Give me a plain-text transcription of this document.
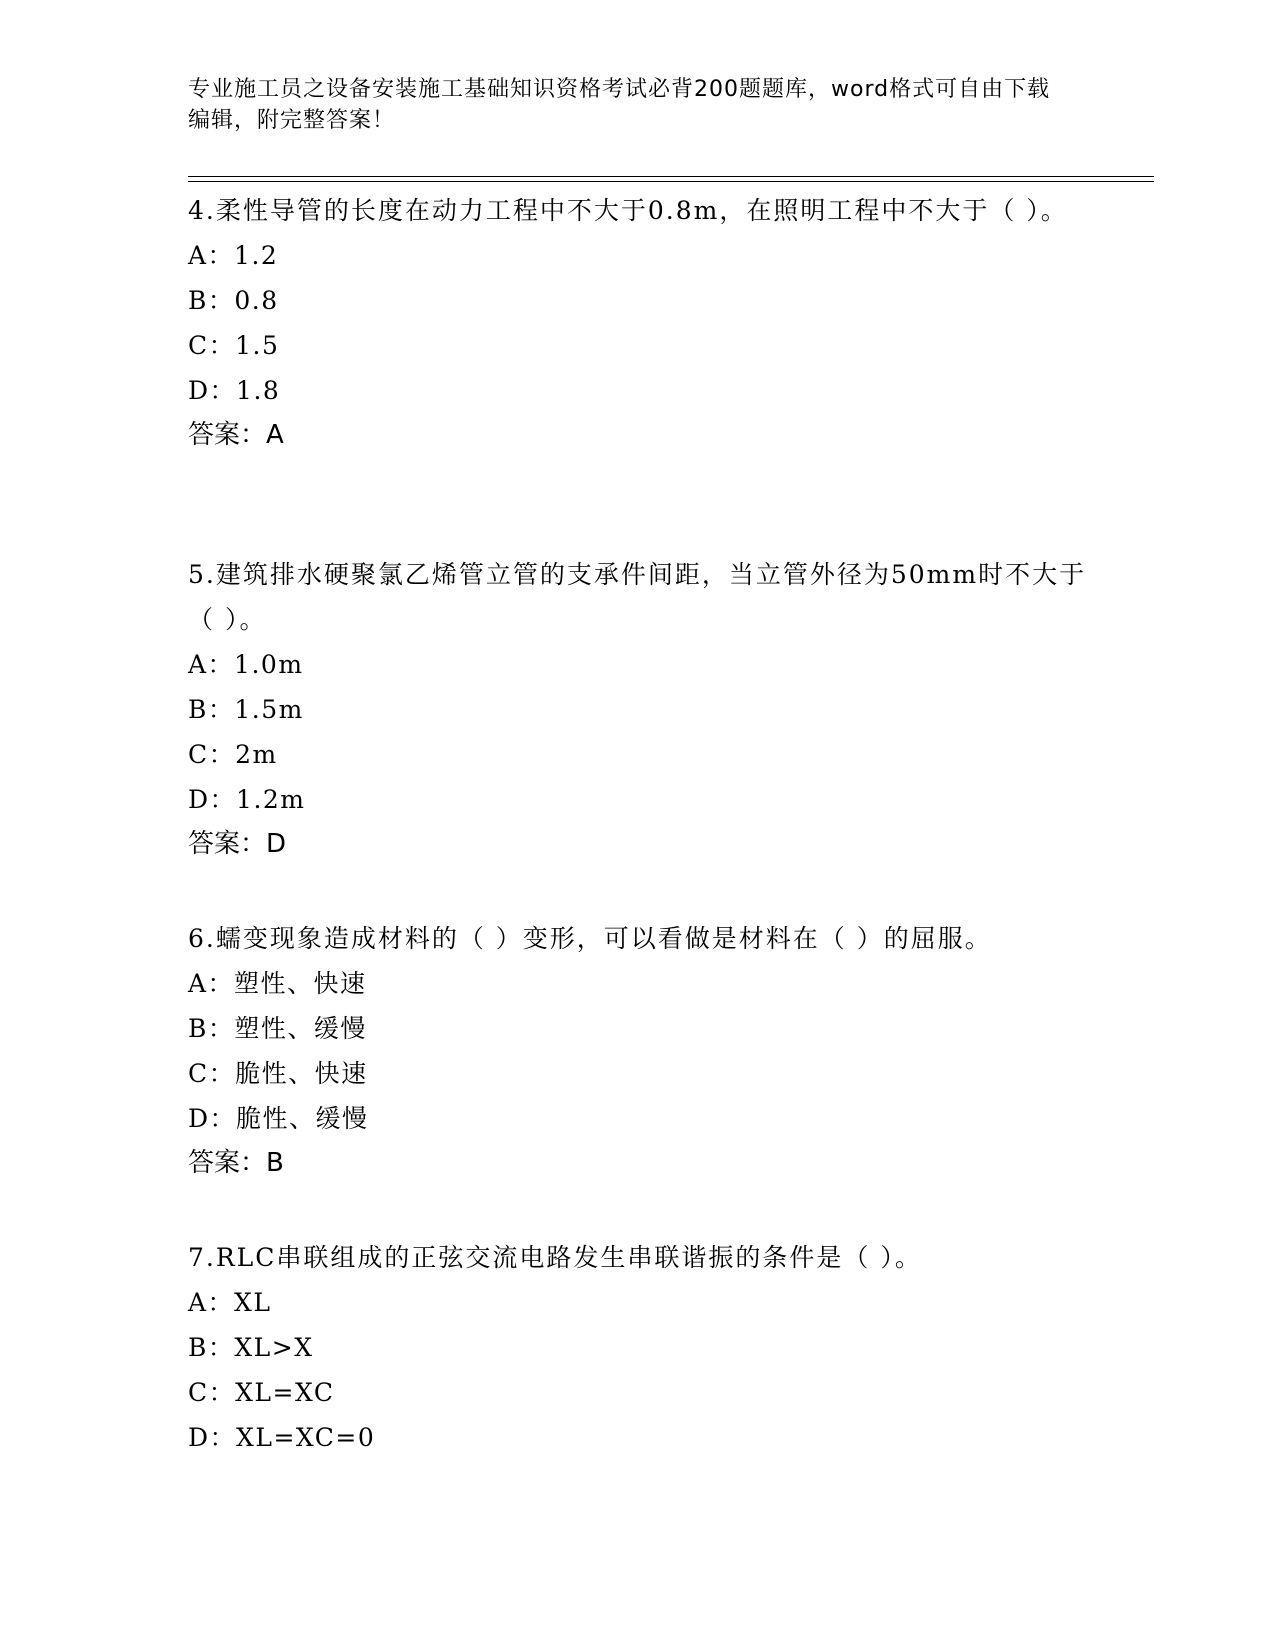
专业施工员之设备安装施工基础知识资格考试必背200题题库，word格式可自由下载编辑，附完整答案！

4.柔性导管的长度在动力工程中不大于0.8m，在照明工程中不大于（ ）。

A：1.2

B：0.8

C：1.5

D：1.8

答案：A

5.建筑排水硬聚氯乙烯管立管的支承件间距，当立管外径为50mm时不大于（ ）。

A：1.0m

B：1.5m

C：2m

D：1.2m

答案：D

6.蠕变现象造成材料的（ ）变形，可以看做是材料在（ ）的屈服。

A：塑性、快速

B：塑性、缓慢

C：脆性、快速

D：脆性、缓慢

答案：B

7.RLC串联组成的正弦交流电路发生串联谐振的条件是（ ）。

A：XL

B：XL>X

C：XL=XC

D：XL=XC=0
